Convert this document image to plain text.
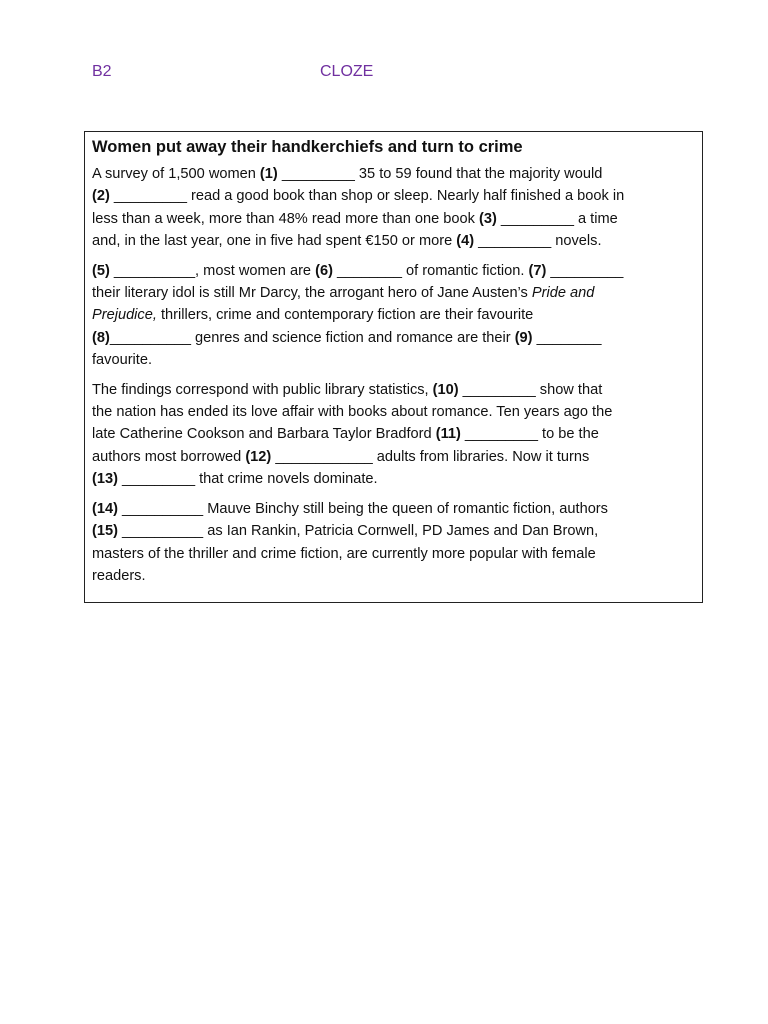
B2	CLOZE
Women put away their handkerchiefs and turn to crime
A survey of 1,500 women (1) _________ 35 to 59 found that the majority would
(2) _________ read a good book than shop or sleep. Nearly half finished a book in
less than a week, more than 48% read more than one book (3) _________ a time
and, in the last year, one in five had spent €150 or more (4) _________ novels.
(5) __________, most women are (6) ________ of romantic fiction. (7) _________
their literary idol is still Mr Darcy, the arrogant hero of Jane Austen’s Pride and
Prejudice, thrillers, crime and contemporary fiction are their favourite
(8)__________ genres and science fiction and romance are their (9) ________
favourite.
The findings correspond with public library statistics, (10) _________ show that
the nation has ended its love affair with books about romance. Ten years ago the
late Catherine Cookson and Barbara Taylor Bradford (11) _________ to be the
authors most borrowed (12) ____________ adults from libraries. Now it turns
(13) _________ that crime novels dominate.
(14) __________ Mauve Binchy still being the queen of romantic fiction, authors
(15) __________ as Ian Rankin, Patricia Cornwell, PD James and Dan Brown,
masters of the thriller and crime fiction, are currently more popular with female
readers.
